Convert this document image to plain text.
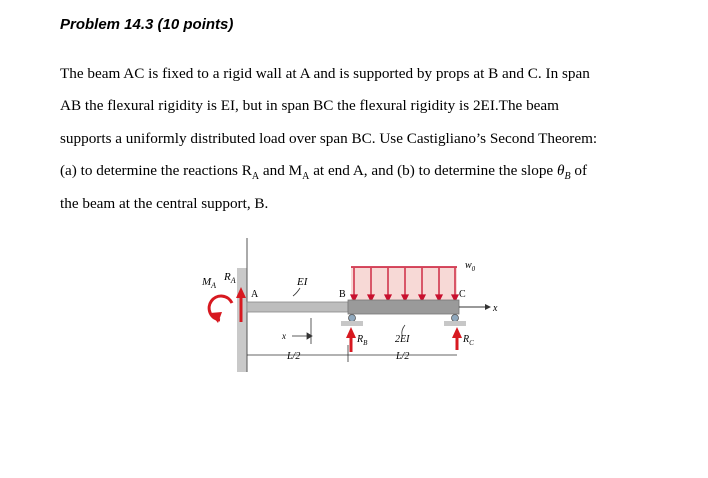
Problem 14.3 (10 points)
The beam AC is fixed to a rigid wall at A and is supported by props at B and C. In span
AB the flexural rigidity is EI, but in span BC the flexural rigidity is 2EI.The beam
supports a uniformly distributed load over span BC. Use Castigliano’s Second Theorem:
(a) to determine the reactions $R_A$ and $M_A$ at end A, and (b) to determine the slope $\theta_B$ of
the beam at the central support, B.
x
$M_A$
$R_A$
A
EI
B	C
$w_0$
x
L/2
$R_B$	2EI
L/2
$R_C$
